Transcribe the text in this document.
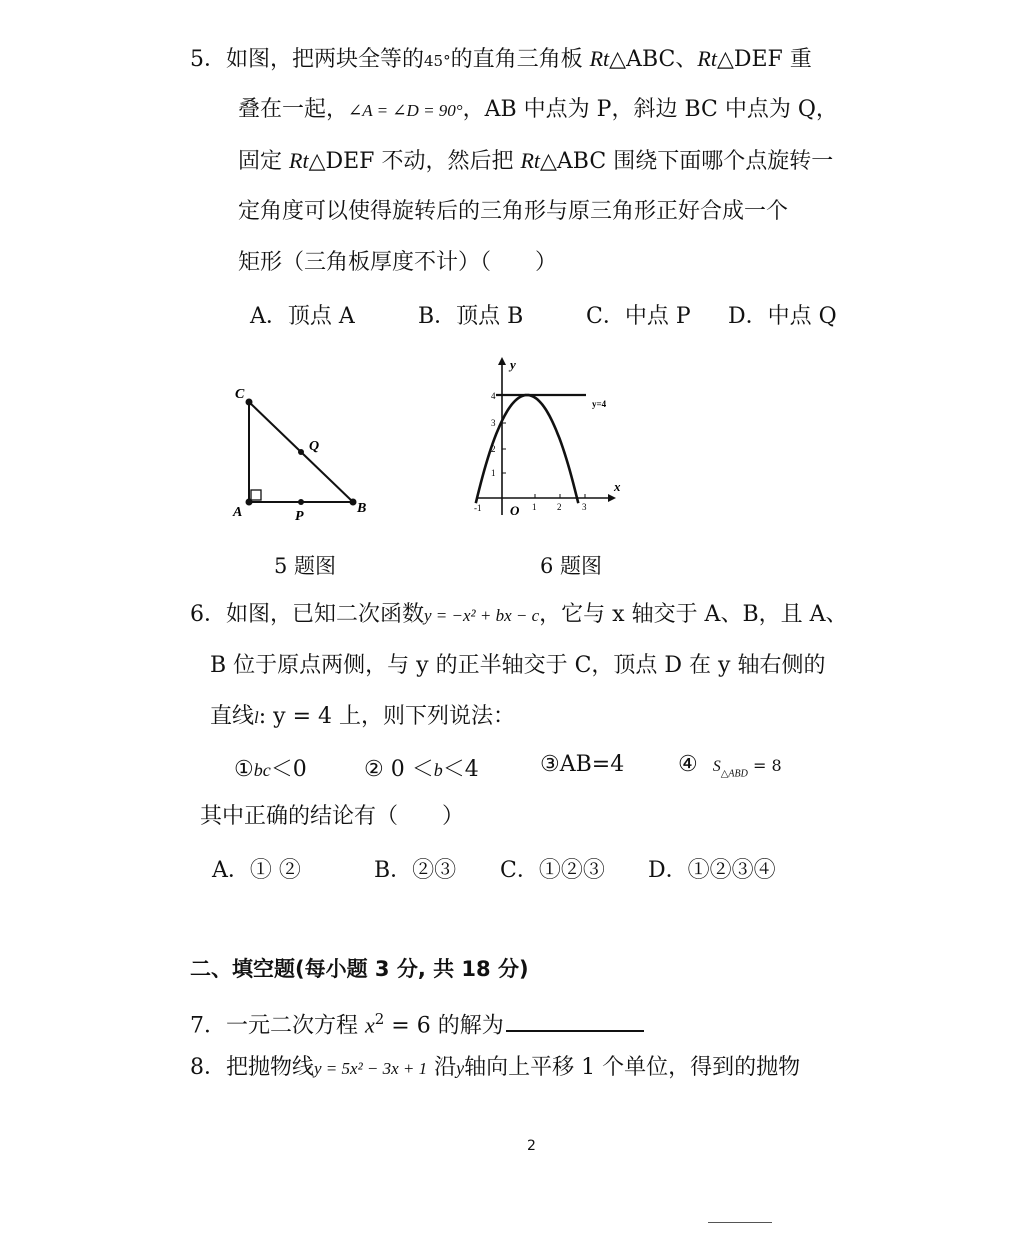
5．如图，把两块全等的45°的直角三角板 Rt△ABC、Rt△DEF 重
叠在一起，∠A = ∠D = 90°，AB 中点为 P，斜边 BC 中点为 Q，
固定 Rt△DEF 不动，然后把 Rt△ABC 围绕下面哪个点旋转一
定角度可以使得旋转后的三角形与原三角形正好合成一个
矩形（三角板厚度不计）（　　）
A．顶点 A	B．顶点 B	C．中点 P D．中点 Q
C
Q
A	P
B
y
x
O
y=4
4
3
2
1
-1	1 2 3
5 题图	6 题图
6．如图，已知二次函数y = −x² + bx − c，它与 x 轴交于 A、B，且 A、
B 位于原点两侧，与 y 的正半轴交于 C，顶点 D 在 y 轴右侧的
直线l: y = 4 上，则下列说法：
①bc＜0	② 0 ＜b＜4	③AB=4 ④ $S_{\triangle ABD} = 8$
其中正确的结论有（　　）
A．① ②	B．②③ C．①②③ D．①②③④
二、填空题(每小题 3 分, 共 18 分)
7．一元二次方程 $x^2 = 6$ 的解为
8．把抛物线y = 5x² − 3x + 1 沿y轴向上平移 1 个单位，得到的抛物
2
